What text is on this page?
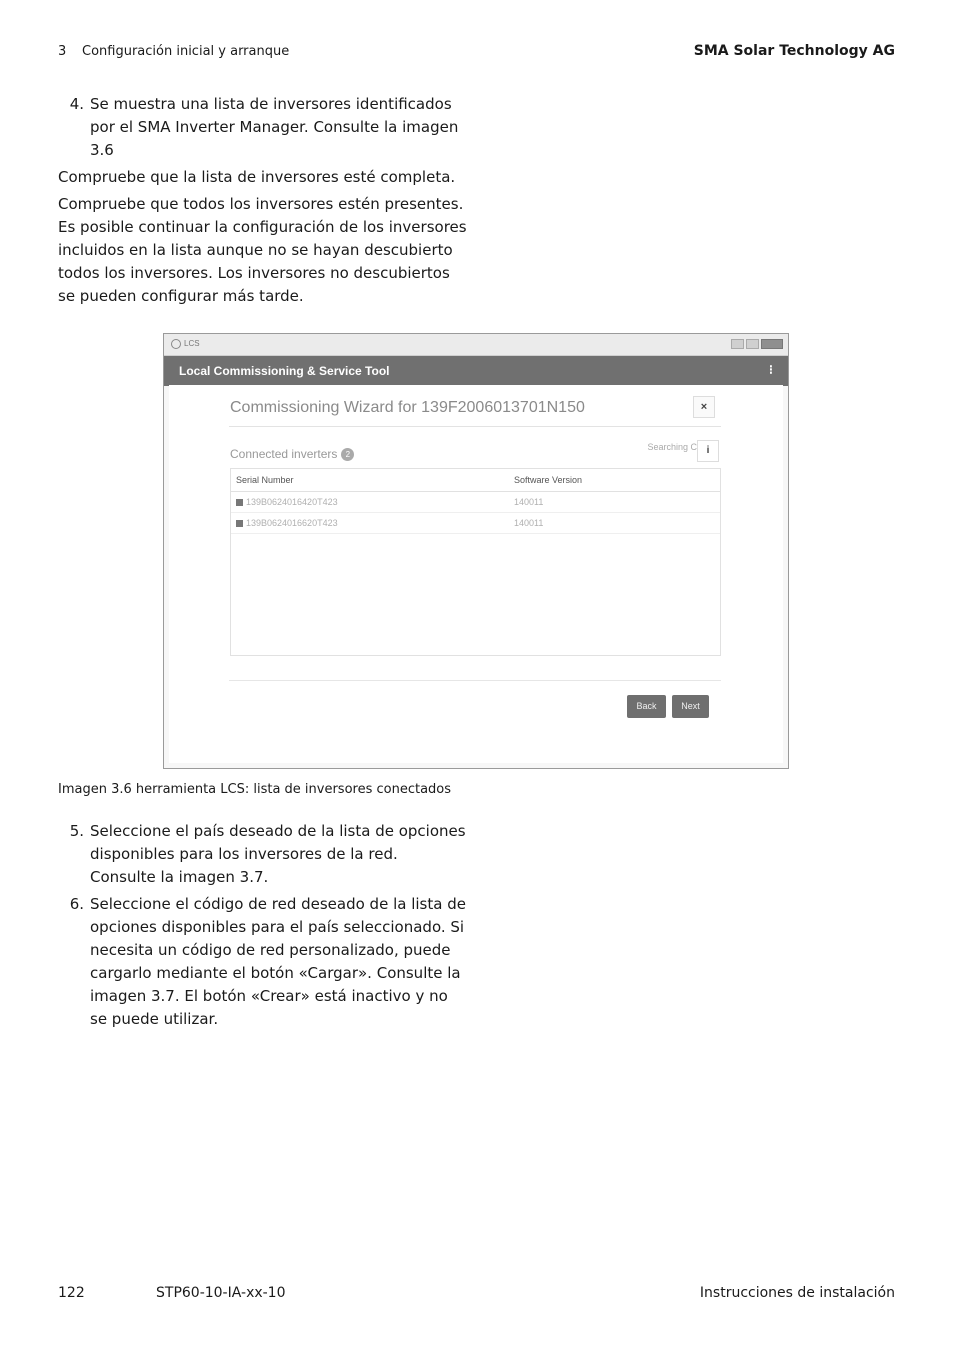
3 Configuración inicial y arranque	SMA Solar Technology AG
4. Se muestra una lista de inversores identificados por el SMA Inverter Manager. Consulte la imagen 3.6

Compruebe que la lista de inversores esté completa.

Compruebe que todos los inversores estén presentes. Es posible continuar la configuración de los inversores incluidos en la lista aunque no se hayan descubierto todos los inversores. Los inversores no descubiertos se pueden configurar más tarde.

LCS
Local Commissioning & Service Tool	⁝
Commissioning Wizard for 139F2006013701N150	×
Connected inverters 2
Searching C i
Serial Number	Software Version
139B0624016420T423	140011
139B0624016620T423	140011
Back	Next
Imagen 3.6 herramienta LCS: lista de inversores conectados
5. Seleccione el país deseado de la lista de opciones disponibles para los inversores de la red. Consulte la imagen 3.7.
6. Seleccione el código de red deseado de la lista de opciones disponibles para el país seleccionado. Si necesita un código de red personalizado, puede cargarlo mediante el botón «Cargar». Consulte la imagen 3.7. El botón «Crear» está inactivo y no se puede utilizar.
122	STP60-10-IA-xx-10	Instrucciones de instalación
